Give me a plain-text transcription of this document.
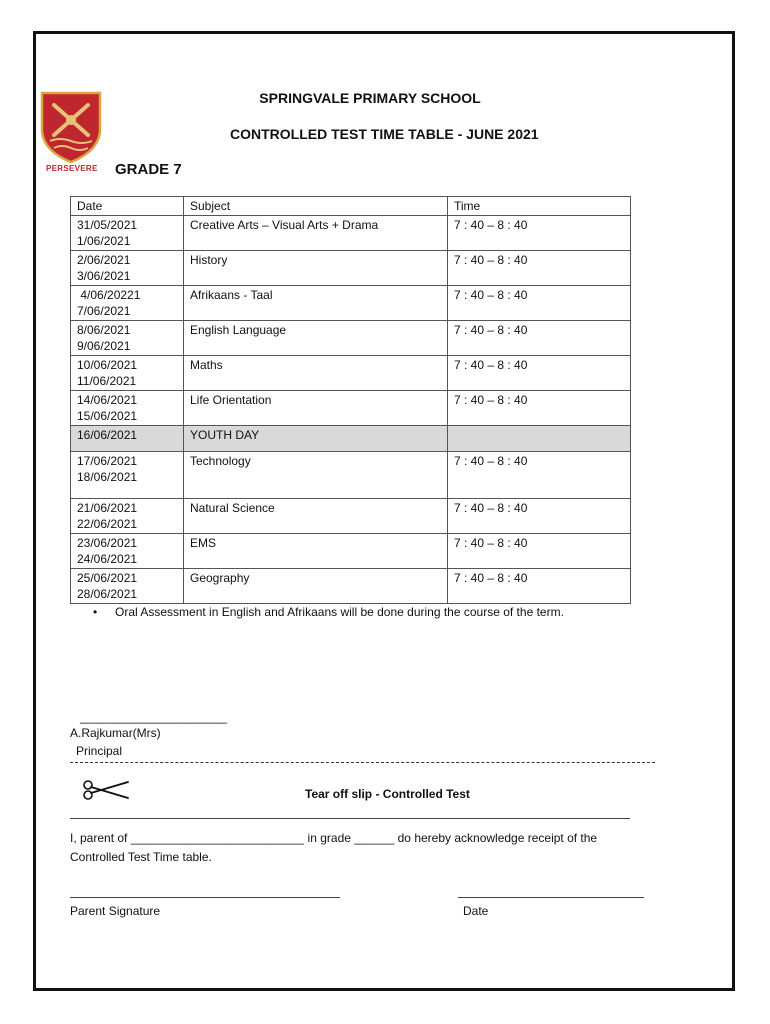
PERSEVERE
SPRINGVALE PRIMARY SCHOOL
CONTROLLED TEST TIME TABLE - JUNE 2021
GRADE 7
Date	Subject	Time

31/05/2021
1/06/2021	Creative Arts – Visual Arts + Drama	7 : 40 – 8 : 40

2/06/2021
3/06/2021	History	7 : 40 – 8 : 40

4/06/20221
7/06/2021	Afrikaans - Taal	7 : 40 – 8 : 40

8/06/2021
9/06/2021	English Language	7 : 40 – 8 : 40

10/06/2021
11/06/2021	Maths	7 : 40 – 8 : 40

14/06/2021
15/06/2021	Life Orientation	7 : 40 – 8 : 40

16/06/2021	YOUTH DAY	

17/06/2021
18/06/2021	Technology	7 : 40 – 8 : 40

21/06/2021
22/06/2021	Natural Science	7 : 40 – 8 : 40

23/06/2021
24/06/2021	EMS	7 : 40 – 8 : 40

25/06/2021
28/06/2021	Geography	7 : 40 – 8 : 40
• Oral Assessment in English and Afrikaans will be done during the course of the term.
______________________
A.Rajkumar(Mrs)
Principal
Tear off slip - Controlled Test
I, parent of __________________________ in grade ______ do hereby acknowledge receipt of the
Controlled Test Time table.
Parent Signature	Date
